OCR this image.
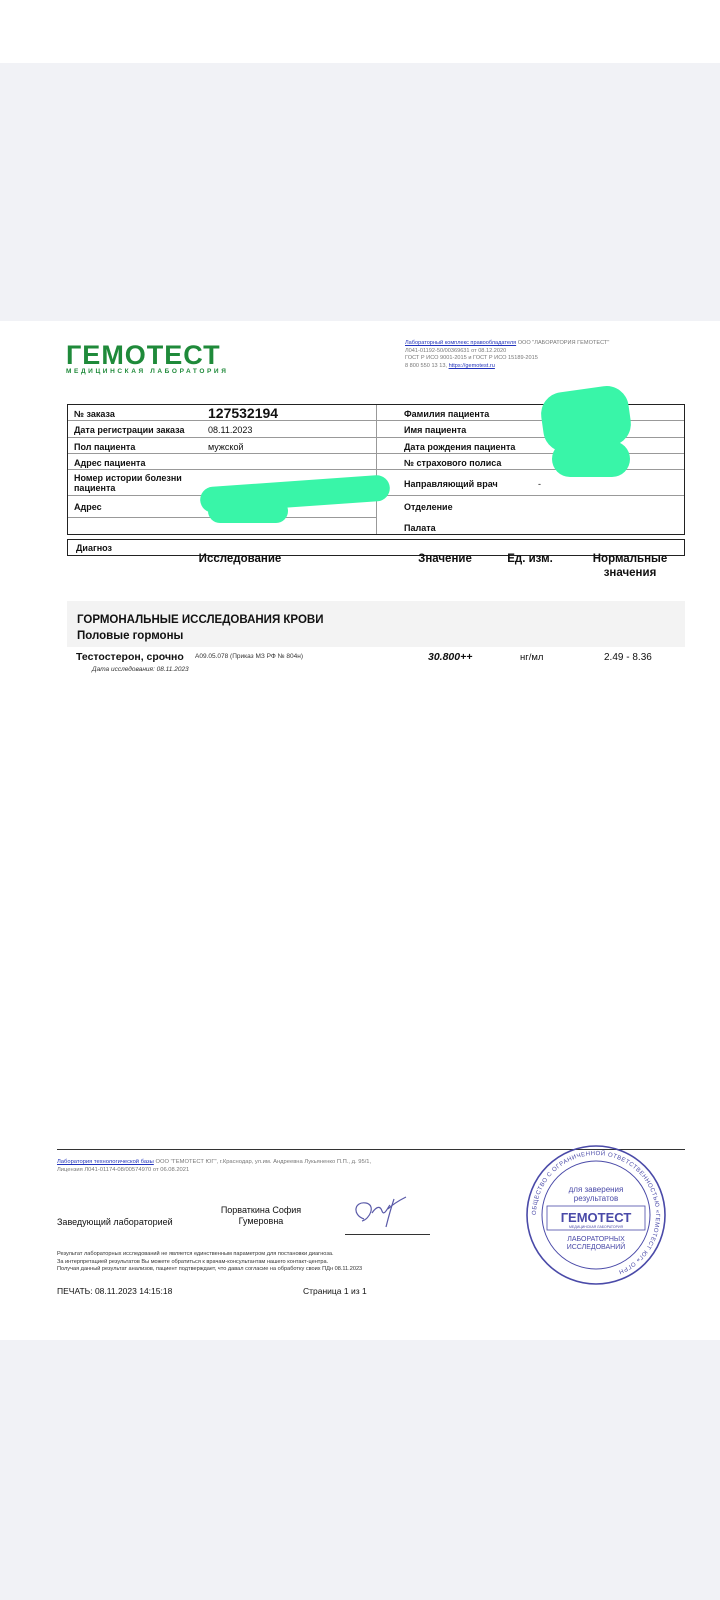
ГЕМОТЕСТ
МЕДИЦИНСКАЯ ЛАБОРАТОРИЯ
Лабораторный комплекс правообладателя ООО "ЛАБОРАТОРИЯ ГЕМОТЕСТ"
Л041-01192-50/00369631 от 08.12.2020
ГОСТ Р ИСО 9001-2015 и ГОСТ Р ИСО 15189-2015
8 800 550 13 13, https://gemotest.ru
№ заказа	127532194
Дата регистрации заказа	08.11.2023
Пол пациента	мужской
Адрес пациента
Номер истории болезни пациента
Адрес
Фамилия пациента
Имя пациента
Дата рождения пациента
№ страхового полиса
Направляющий врач	-
Отделение
Палата
Диагноз
Исследование	Значение	Ед. изм.	Нормальные значения
ГОРМОНАЛЬНЫЕ ИССЛЕДОВАНИЯ КРОВИ
Половые гормоны
Тестостерон, срочно A09.05.078 (Приказ МЗ РФ № 804н)
Дата исследования: 08.11.2023
30.800++	нг/мл	2.49 - 8.36
Лаборатория технологической базы ООО "ГЕМОТЕСТ ЮГ", г.Краснодар, ул.им. Андреевна Лукьяненко П.П., д. 95/1,
Лицензия Л041-01174-08/00574970 от 06.08.2021
Заведующий лабораторией
Порваткина София Гумеровна
Результат лабораторных исследований не является единственным параметром для постановки диагноза.
За интерпретацией результатов Вы можете обратиться к врачам-консультантам нашего контакт-центра.
Получая данный результат анализов, пациент подтверждает, что давал согласие на обработку своих ПДн 08.11.2023
ПЕЧАТЬ: 08.11.2023 14:15:18	Страница 1 из 1
ОБЩЕСТВО С ОГРАНИЧЕННОЙ ОТВЕТСТВЕННОСТЬЮ «ГЕМОТЕСТ ЮГ» ОГРН
для заверения
результатов
ГЕМОТЕСТ
МЕДИЦИНСКАЯ ЛАБОРАТОРИЯ
ЛАБОРАТОРНЫХ
ИССЛЕДОВАНИЙ
